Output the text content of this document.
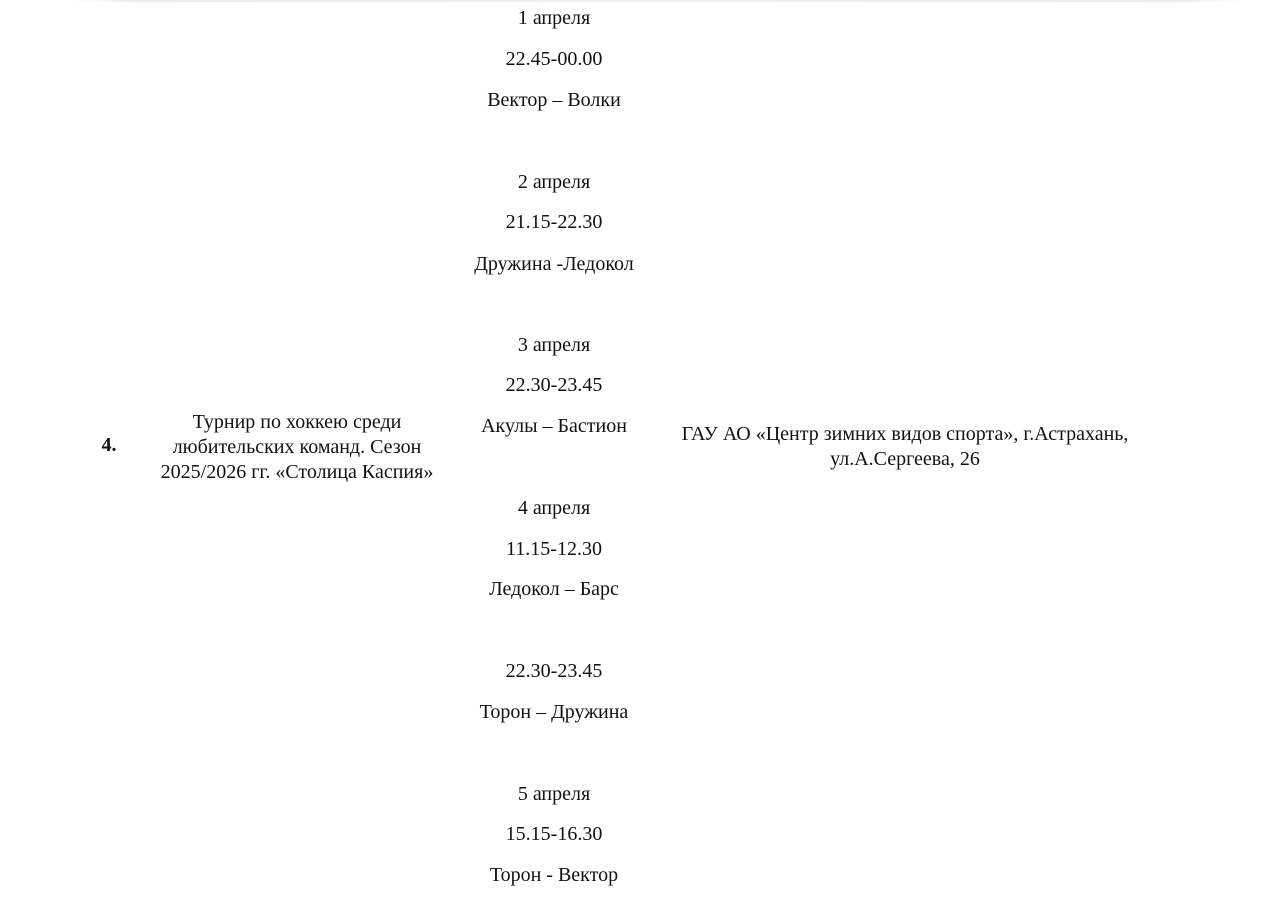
4.
Турнир по хоккею среди
любительских команд. Сезон
2025/2026 гг. «Столица Каспия»
1 апреля
22.45-00.00
Вектор – Волки
2 апреля
21.15-22.30
Дружина -Ледокол
3 апреля
22.30-23.45
Акулы – Бастион
4 апреля
11.15-12.30
Ледокол – Барс
22.30-23.45
Торон – Дружина
5 апреля
15.15-16.30
Торон - Вектор
ГАУ АО «Центр зимних видов спорта», г.Астрахань,
ул.А.Сергеева, 26
